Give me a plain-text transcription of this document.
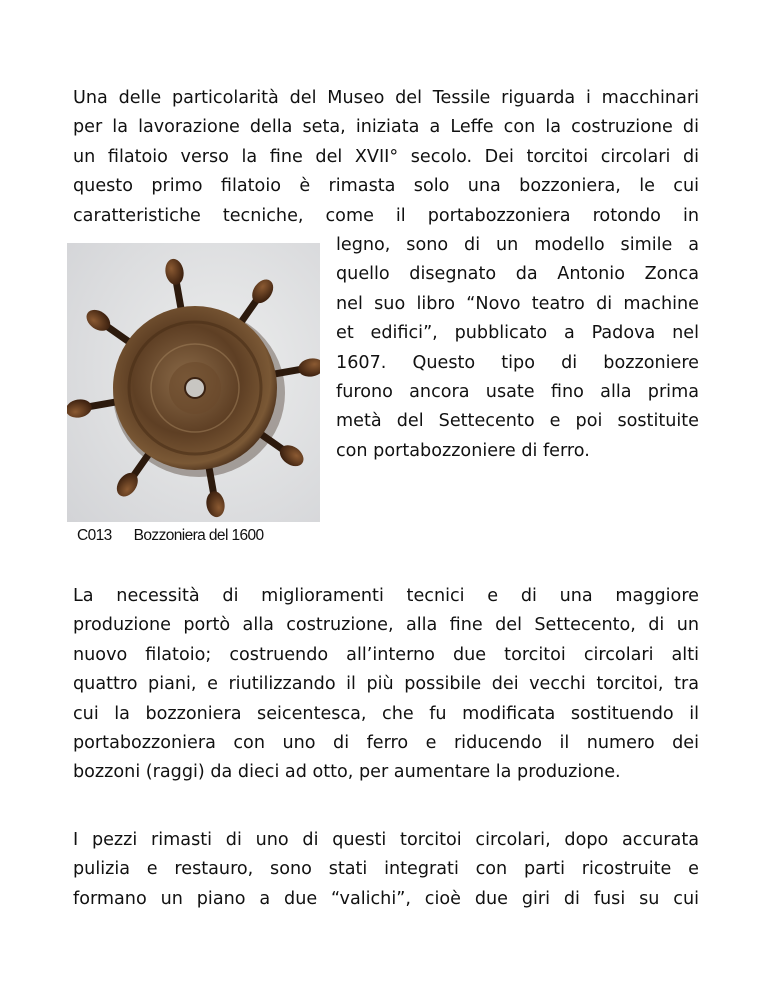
Una delle particolarità del Museo del Tessile riguarda i macchinari
per la lavorazione della seta, iniziata a Leffe con la costruzione di
un filatoio verso la fine del XVII° secolo. Dei torcitoi circolari di
questo primo filatoio è rimasta solo una bozzoniera, le cui
caratteristiche tecniche, come il portabozzoniera rotondo in
legno, sono di un modello simile a
quello disegnato da Antonio Zonca
nel suo libro “Novo teatro di machine
et edifici”, pubblicato a Padova nel
1607. Questo tipo di bozzoniere
furono ancora usate fino alla prima
metà del Settecento e poi sostituite
con portabozzoniere di ferro.
C013 Bozzoniera del 1600
La necessità di miglioramenti tecnici e di una maggiore
produzione portò alla costruzione, alla fine del Settecento, di un
nuovo filatoio; costruendo all’interno due torcitoi circolari alti
quattro piani, e riutilizzando il più possibile dei vecchi torcitoi, tra
cui la bozzoniera seicentesca, che fu modificata sostituendo il
portabozzoniera con uno di ferro e riducendo il numero dei
bozzoni (raggi) da dieci ad otto, per aumentare la produzione.
I pezzi rimasti di uno di questi torcitoi circolari, dopo accurata
pulizia e restauro, sono stati integrati con parti ricostruite e
formano un piano a due “valichi”, cioè due giri di fusi su cui
